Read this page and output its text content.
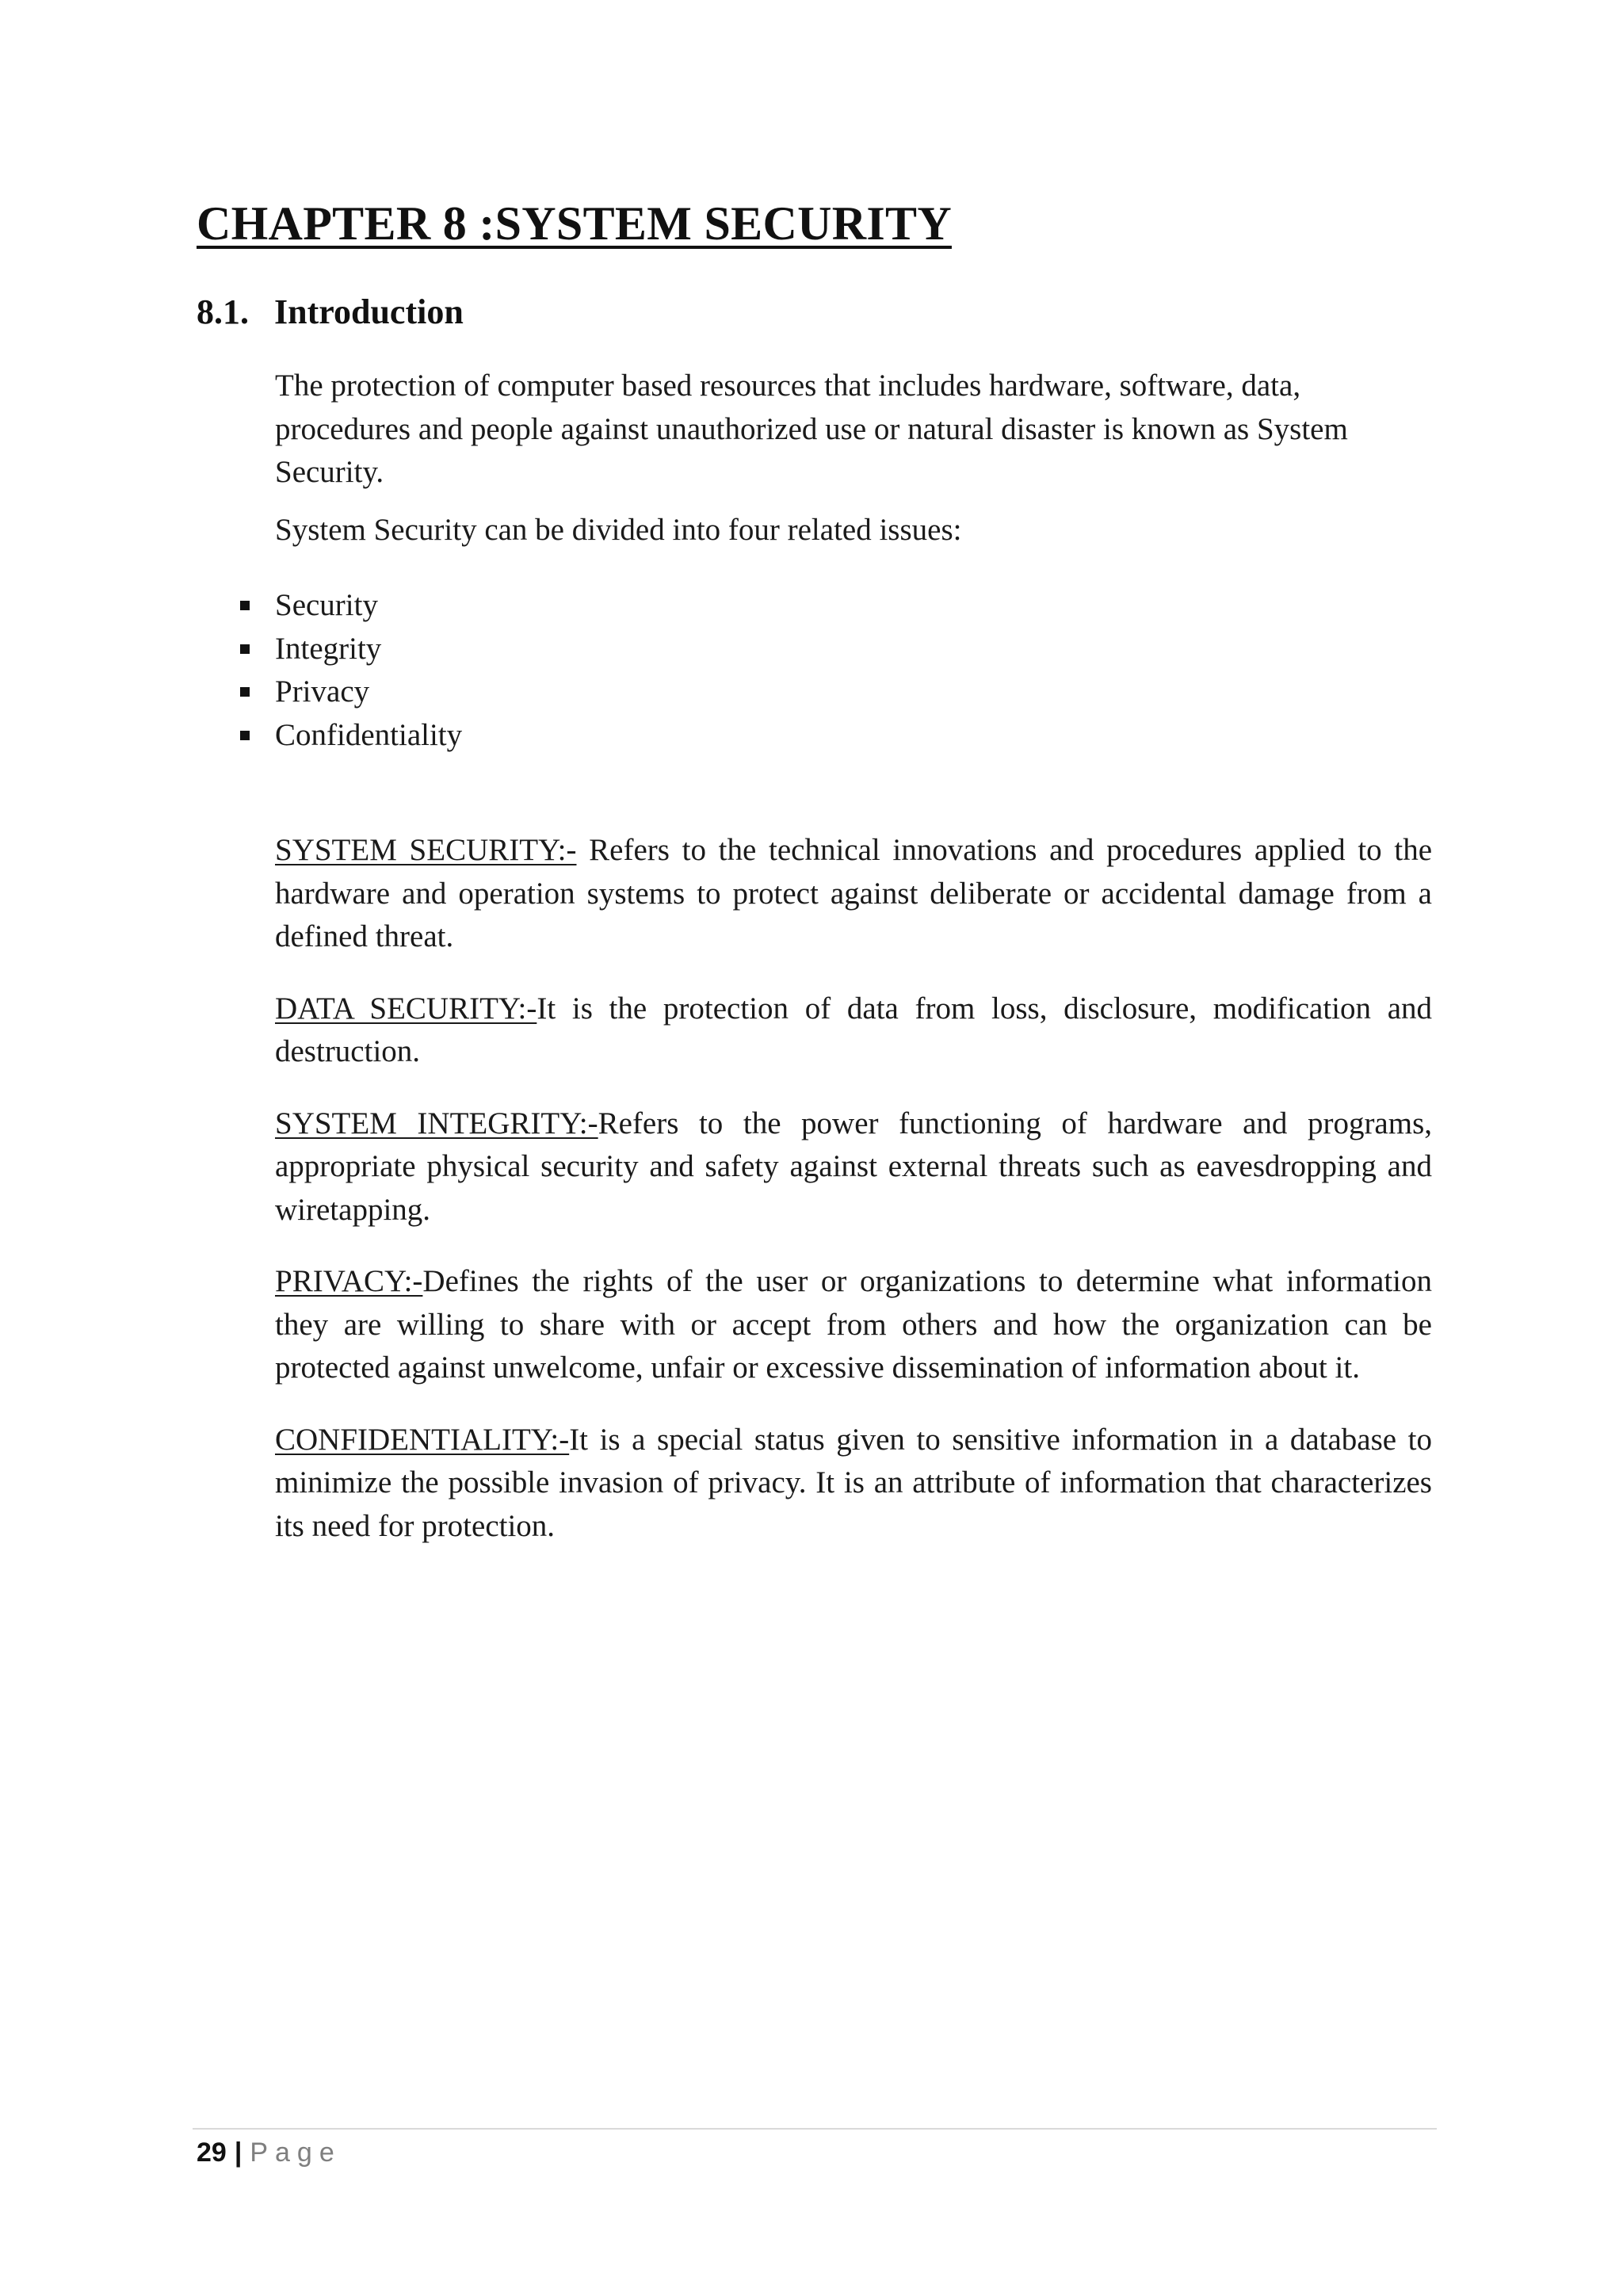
CHAPTER 8 :SYSTEM SECURITY
8.1. Introduction

The protection of computer based resources that includes hardware, software, data, procedures and people against unauthorized use or natural disaster is known as System Security.

System Security can be divided into four related issues:

Security
Integrity
Privacy
Confidentiality

SYSTEM SECURITY:- Refers to the technical innovations and procedures applied to the hardware and operation systems to protect against deliberate or accidental damage from a defined threat.

DATA SECURITY:-It is the protection of data from loss, disclosure, modification and destruction.

SYSTEM INTEGRITY:-Refers to the power functioning of hardware and programs, appropriate physical security and safety against external threats such as eavesdropping and wiretapping.

PRIVACY:-Defines the rights of the user or organizations to determine what information they are willing to share with or accept from others and how the organization can be protected against unwelcome, unfair or excessive dissemination of information about it.

CONFIDENTIALITY:-It is a special status given to sensitive information in a database to minimize the possible invasion of privacy. It is an attribute of information that characterizes its need for protection.

29 | Page
